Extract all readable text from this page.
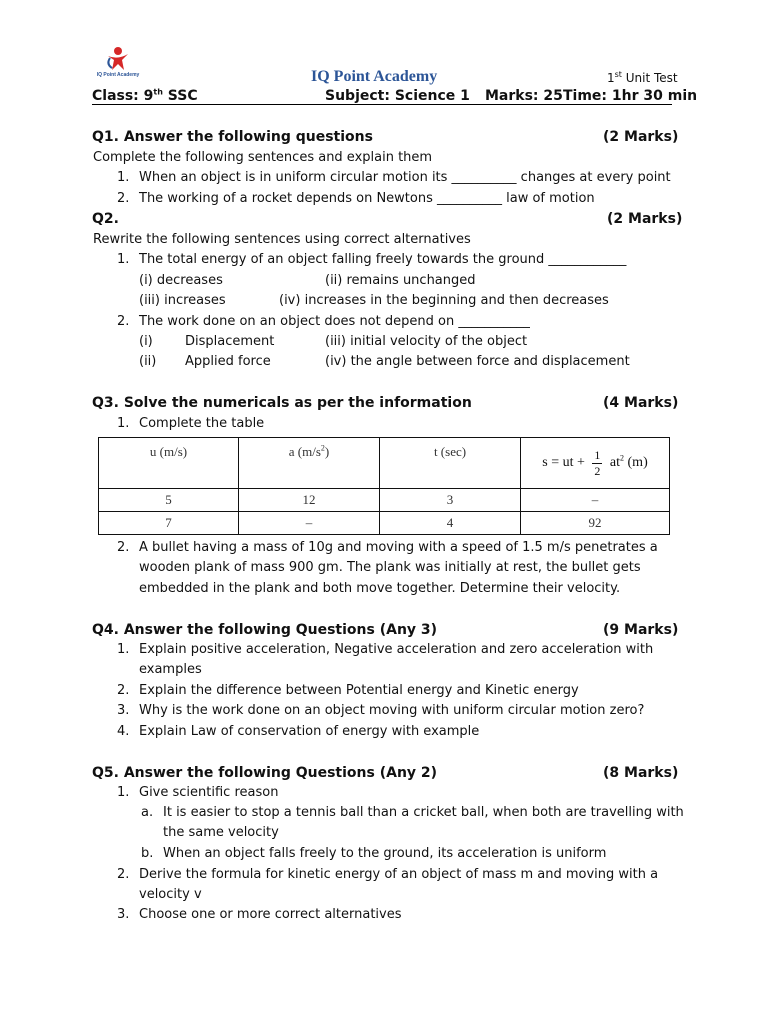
IQ Point Academy	IQ Point Academy	1st Unit Test
Class: 9th SSC	Subject: Science 1 Marks: 25 Time: 1hr 30 min
Q1. Answer the following questions	(2 Marks)
Complete the following sentences and explain them
1. When an object is in uniform circular motion its __________ changes at every point
2. The working of a rocket depends on Newtons __________ law of motion
Q2.	(2 Marks)
Rewrite the following sentences using correct alternatives
1. The total energy of an object falling freely towards the ground ____________
(i) decreases	(ii) remains unchanged
(iii) increases	(iv) increases in the beginning and then decreases
2. The work done on an object does not depend on ___________
(i) Displacement	(iii) initial velocity of the object
(ii) Applied force	(iv) the angle between force and displacement
Q3. Solve the numericals as per the information	(4 Marks)
1. Complete the table
u (m/s)	a $(m/s^2)$	t (sec)	s = ut + $\frac{1}{2} at^2$ (m)
5	12	3	–
7	–	4	92
2. A bullet having a mass of 10g and moving with a speed of 1.5 m/s penetrates a
wooden plank of mass 900 gm. The plank was initially at rest, the bullet gets
embedded in the plank and both move together. Determine their velocity.
Q4. Answer the following Questions (Any 3)	(9 Marks)
1. Explain positive acceleration, Negative acceleration and zero acceleration with
examples
2. Explain the difference between Potential energy and Kinetic energy
3. Why is the work done on an object moving with uniform circular motion zero?
4. Explain Law of conservation of energy with example
Q5. Answer the following Questions (Any 2)	(8 Marks)
1. Give scientific reason
a. It is easier to stop a tennis ball than a cricket ball, when both are travelling with
the same velocity
b. When an object falls freely to the ground, its acceleration is uniform
2. Derive the formula for kinetic energy of an object of mass m and moving with a
velocity v
3. Choose one or more correct alternatives
